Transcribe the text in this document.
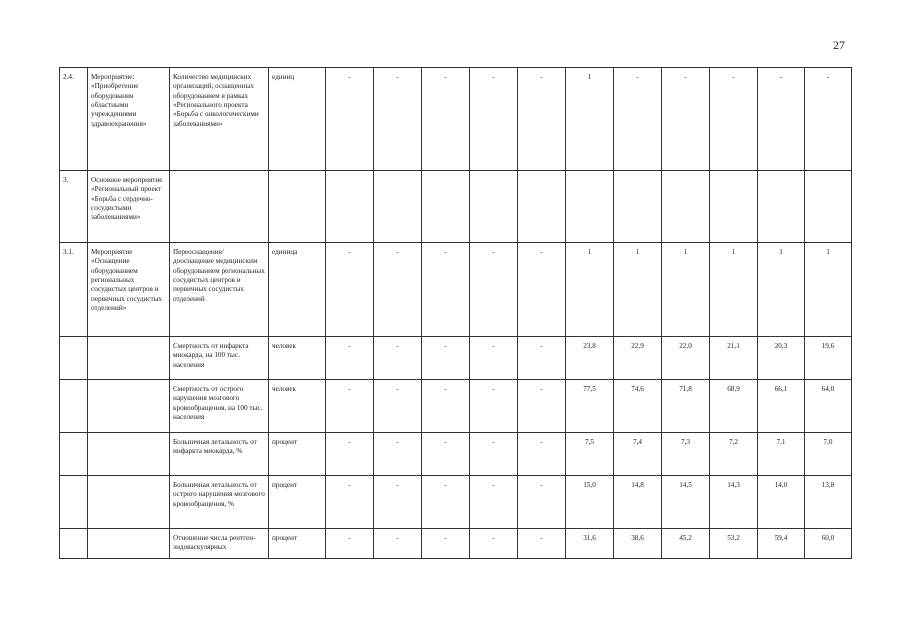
27
2.4.	Мероприятие: «Приобретение оборудования областными учреждениями здравоохранения»	Количество медицинских организаций, оснащенных оборудованием в рамках «Регионального проекта «Борьба с онкологическими заболеваниями»	единиц	-	-	-	-	-	1	-	-	-	-	-
3.	Основное мероприятие «Региональный проект «Борьба с сердечно-сосудистыми заболеваниями»													
3.1.	Мероприятие «Оснащение оборудованием региональных сосудистых центров и первичных сосудистых отделений»	Переоснащение/ дооснащение медицинским оборудованием региональных сосудистых центров и первичных сосудистых отделений	единица	-	-	-	-	-	1	1	1	1	1	1
		Смертность от инфаркта миокарда, на 100 тыс. населения	человек	-	-	-	-	-	23,8	22,9	22,0	21,1	20,3	19,6
		Смертность от острого нарушения мозгового кровообращения, на 100 тыс. населения	человек	-	-	-	-	-	77,5	74,6	71,8	68,9	66,1	64,0
		Больничная летальность от инфаркта миокарда, %	процент	-	-	-	-	-	7,5	7,4	7,3	7,2	7,1	7,0
		Больничная летальность от острого нарушения мозгового кровообращения, %	процент	-	-	-	-	-	15,0	14,8	14,5	14,3	14,0	13,8
		Отношение числа рентген-эндоваскулярных	процент	-	-	-	-	-	31,6	38,6	45,2	53,2	59,4	60,0
